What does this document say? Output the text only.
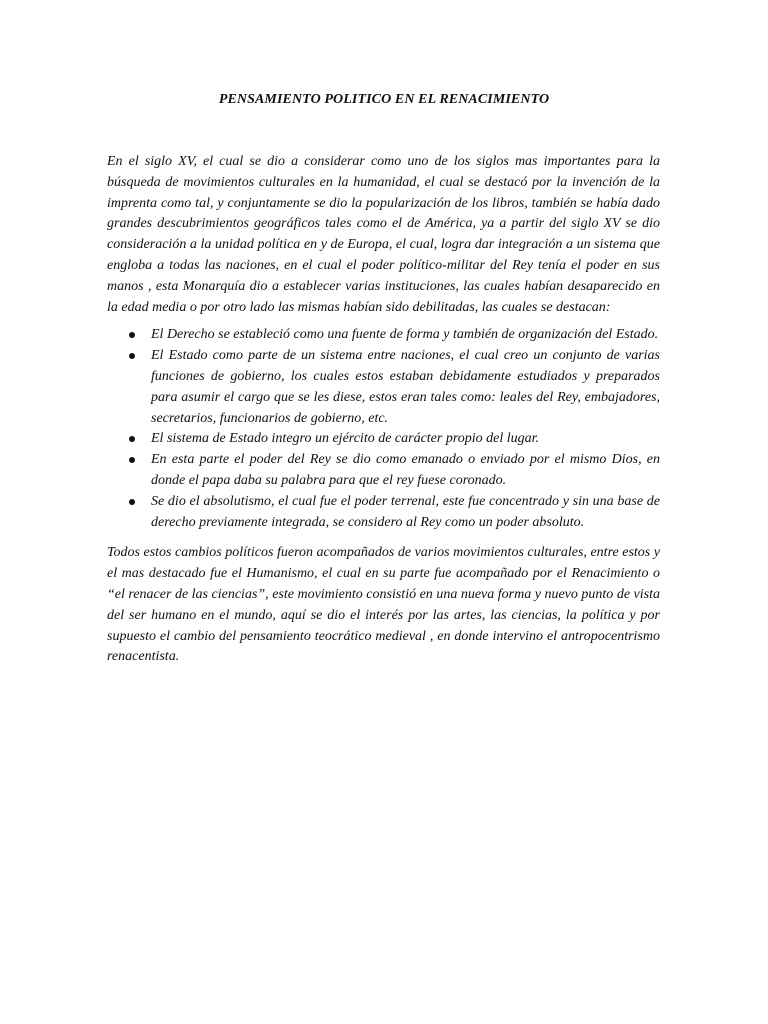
PENSAMIENTO POLITICO EN EL RENACIMIENTO

En el siglo XV, el cual se dio a considerar como uno de los siglos mas importantes para la búsqueda de movimientos culturales en la humanidad, el cual se destacó por la invención de la imprenta como tal, y conjuntamente se dio la popularización de los libros, también se había dado grandes descubrimientos geográficos tales como el de América, ya a partir del siglo XV se dio consideración a la unidad política en y de Europa, el cual, logra dar integración a un sistema que engloba a todas las naciones, en el cual el poder político-militar del Rey tenía el poder en sus manos , esta Monarquía dio a establecer varias instituciones, las cuales habían desaparecido en la edad media o por otro lado las mismas habían sido debilitadas, las cuales se destacan:

El Derecho se estableció como una fuente de forma y también de organización del Estado.
El Estado como parte de un sistema entre naciones, el cual creo un conjunto de varias funciones de gobierno, los cuales estos estaban debidamente estudiados y preparados para asumir el cargo que se les diese, estos eran tales como: leales del Rey, embajadores, secretarios, funcionarios de gobierno, etc.
El sistema de Estado integro un ejército de carácter propio del lugar.
En esta parte el poder del Rey se dio como emanado o enviado por el mismo Dios, en donde el papa daba su palabra para que el rey fuese coronado.
Se dio el absolutismo, el cual fue el poder terrenal, este fue concentrado y sin una base de derecho previamente integrada, se considero al Rey como un poder absoluto.

Todos estos cambios políticos fueron acompañados de varios movimientos culturales, entre estos y el mas destacado fue el Humanismo, el cual en su parte fue acompañado por el Renacimiento o “el renacer de las ciencias”, este movimiento consistió en una nueva forma y nuevo punto de vista del ser humano en el mundo, aquí se dio el interés por las artes, las ciencias, la política y por supuesto el cambio del pensamiento teocrático medieval , en donde intervino el antropocentrismo renacentista.
